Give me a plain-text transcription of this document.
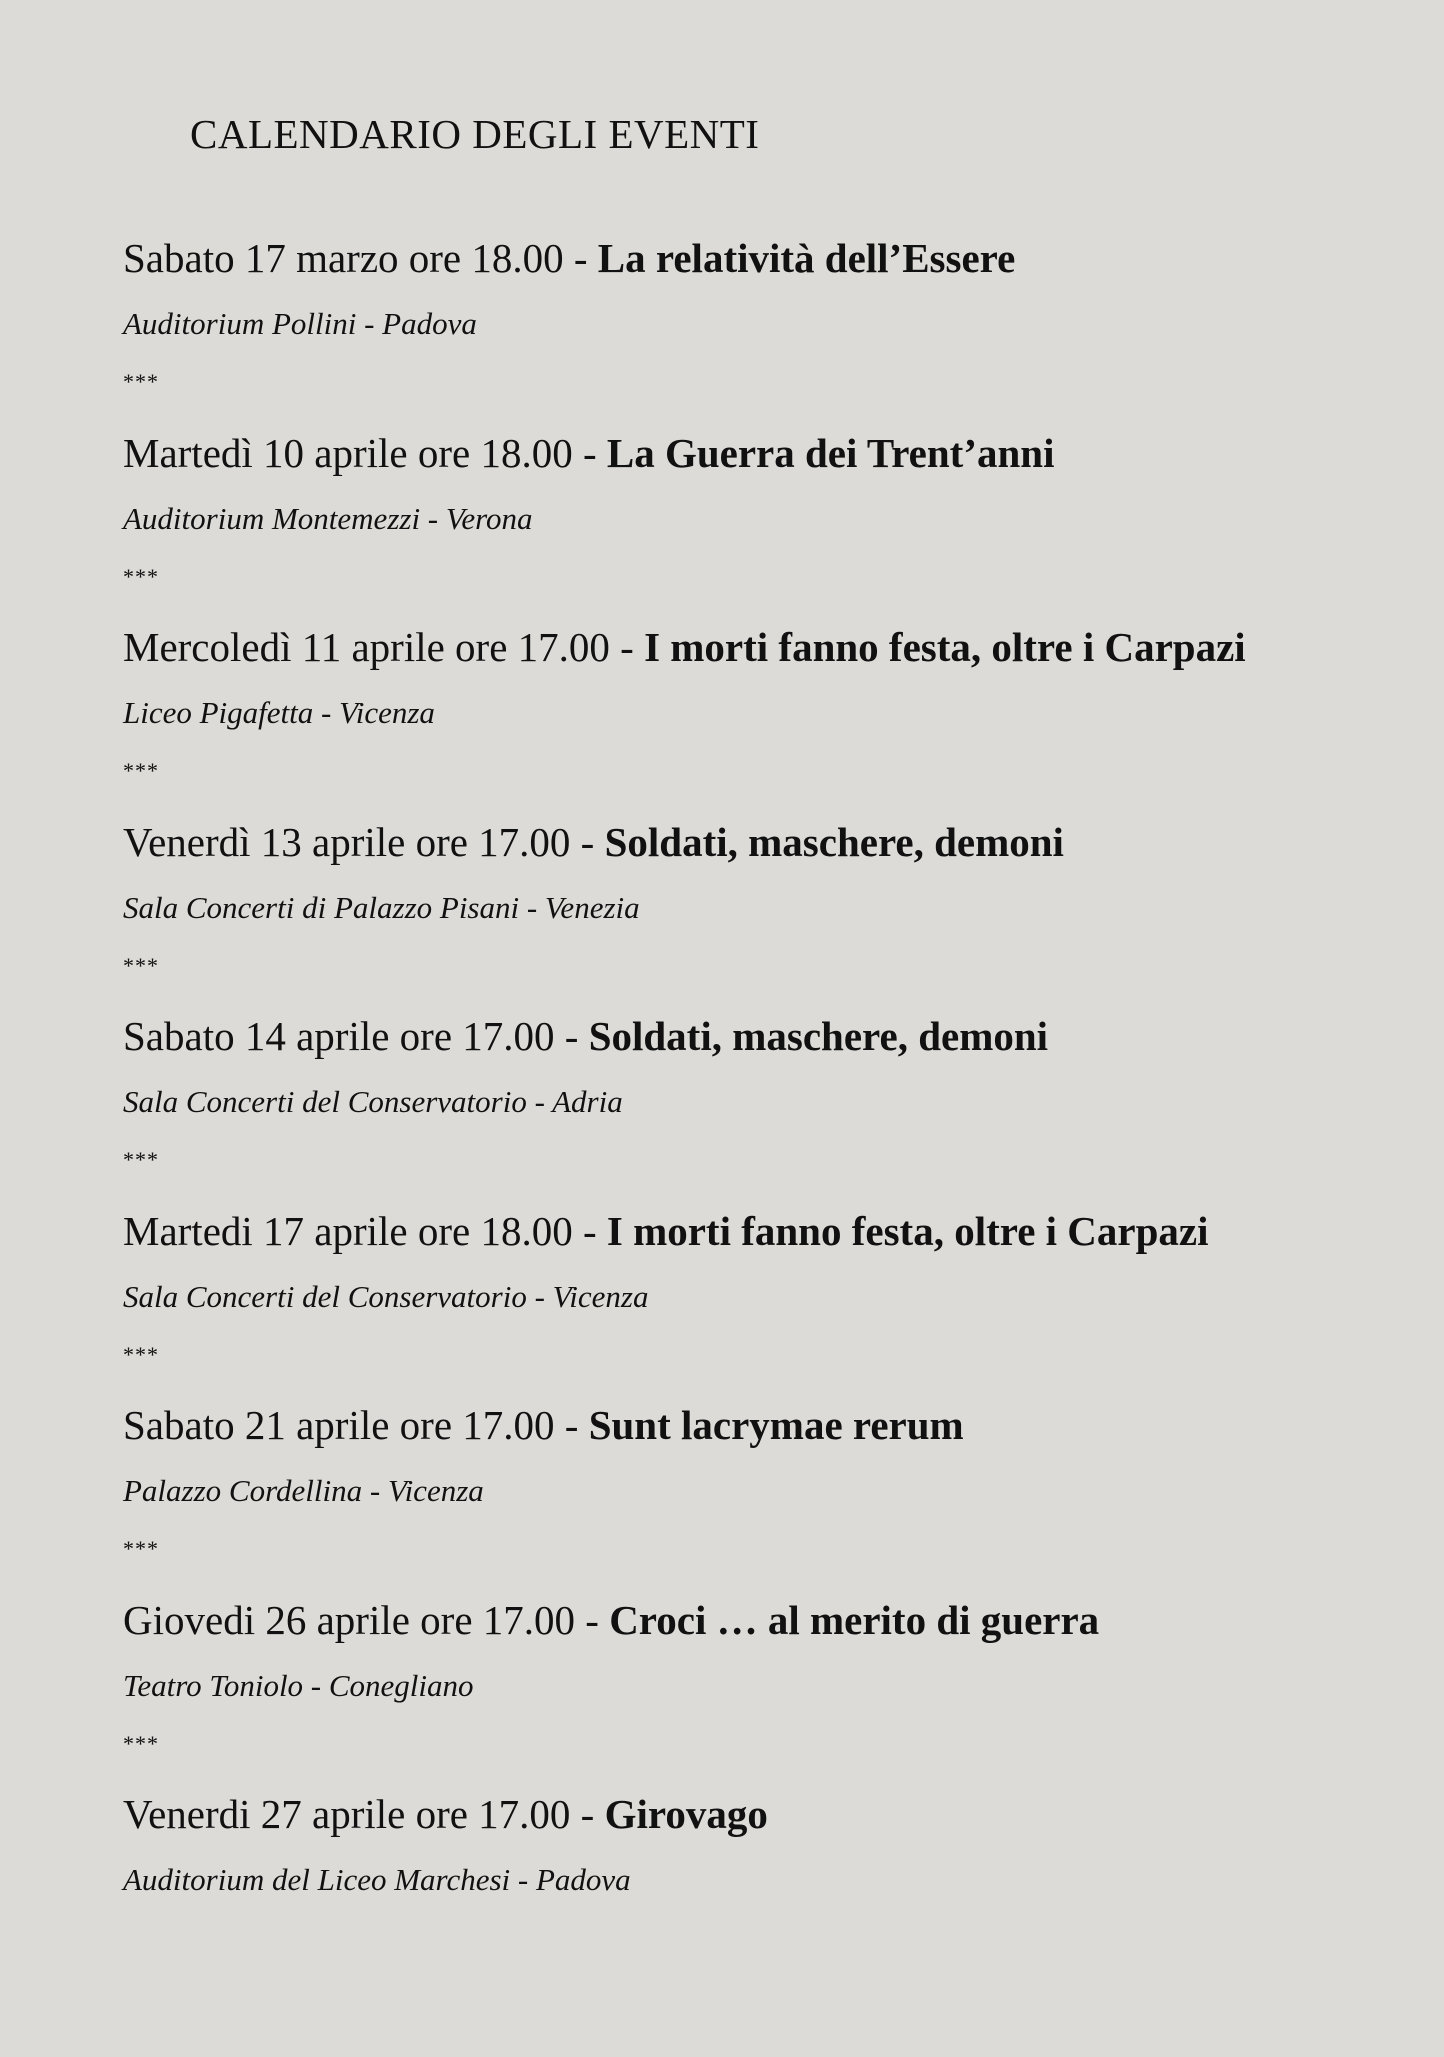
CALENDARIO DEGLI EVENTI
Sabato 17 marzo ore 18.00 - La relatività dell’Essere
Auditorium Pollini - Padova
***
Martedì 10 aprile ore 18.00 - La Guerra dei Trent’anni
Auditorium Montemezzi - Verona
***
Mercoledì 11 aprile ore 17.00 - I morti fanno festa, oltre i Carpazi
Liceo Pigafetta - Vicenza
***
Venerdì 13 aprile ore 17.00 - Soldati, maschere, demoni
Sala Concerti di Palazzo Pisani - Venezia
***
Sabato 14 aprile ore 17.00 - Soldati, maschere, demoni
Sala Concerti del Conservatorio - Adria
***
Martedi 17 aprile ore 18.00 - I morti fanno festa, oltre i Carpazi
Sala Concerti del Conservatorio - Vicenza
***
Sabato 21 aprile ore 17.00 - Sunt lacrymae rerum
Palazzo Cordellina - Vicenza
***
Giovedi 26 aprile ore 17.00 - Croci … al merito di guerra
Teatro Toniolo - Conegliano
***
Venerdi 27 aprile ore 17.00 - Girovago
Auditorium del Liceo Marchesi - Padova
